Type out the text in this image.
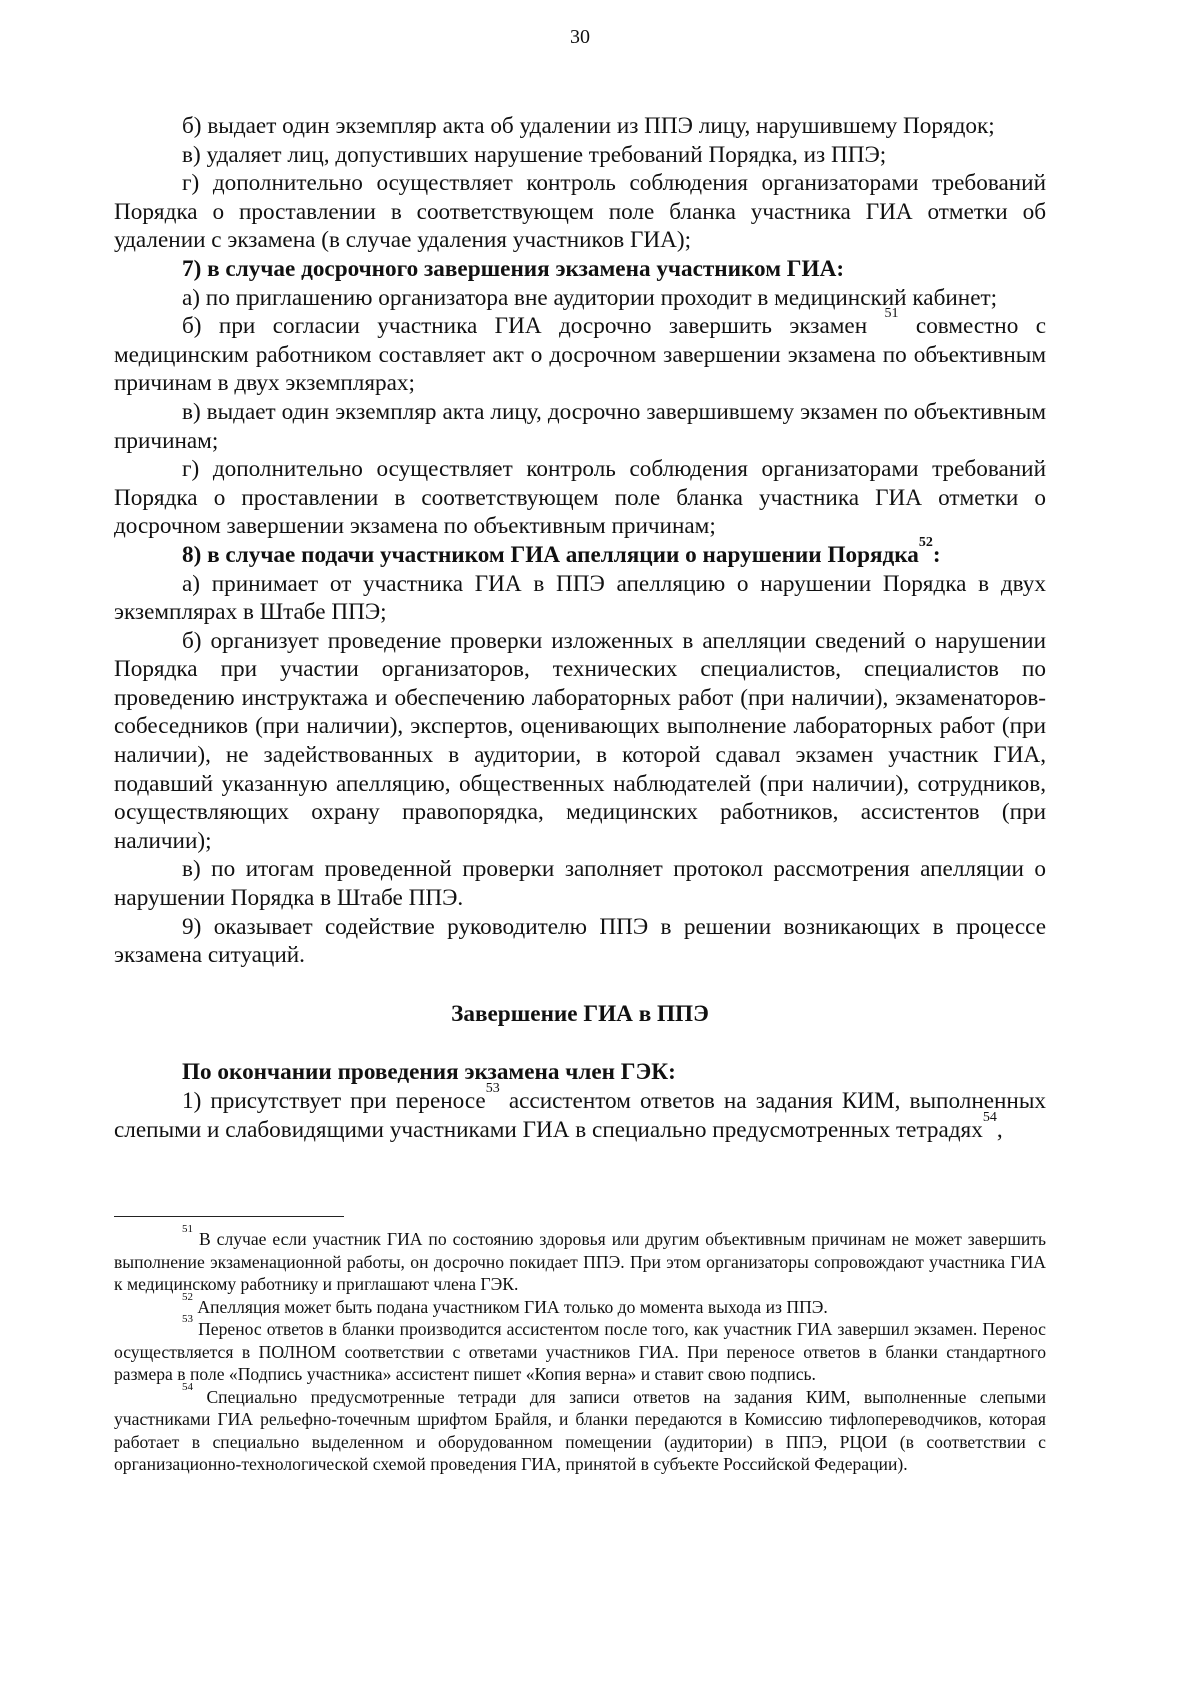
30

б) выдает один экземпляр акта об удалении из ППЭ лицу, нарушившему Порядок;

в) удаляет лиц, допустивших нарушение требований Порядка, из ППЭ;

г) дополнительно осуществляет контроль соблюдения организаторами требований Порядка о проставлении в соответствующем поле бланка участника ГИА отметки об удалении с экзамена (в случае удаления участников ГИА);

7) в случае досрочного завершения экзамена участником ГИА:

а) по приглашению организатора вне аудитории проходит в медицинский кабинет;

б) при согласии участника ГИА досрочно завершить экзамен $^{51}$ совместно с медицинским работником составляет акт о досрочном завершении экзамена по объективным причинам в двух экземплярах;

в) выдает один экземпляр акта лицу, досрочно завершившему экзамен по объективным причинам;

г) дополнительно осуществляет контроль соблюдения организаторами требований Порядка о проставлении в соответствующем поле бланка участника ГИА отметки о досрочном завершении экзамена по объективным причинам;

8) в случае подачи участником ГИА апелляции о нарушении Порядка$^{52}$:

а) принимает от участника ГИА в ППЭ апелляцию о нарушении Порядка в двух экземплярах в Штабе ППЭ;

б) организует проведение проверки изложенных в апелляции сведений о нарушении Порядка при участии организаторов, технических специалистов, специалистов по проведению инструктажа и обеспечению лабораторных работ (при наличии), экзаменаторов-собеседников (при наличии), экспертов, оценивающих выполнение лабораторных работ (при наличии), не задействованных в аудитории, в которой сдавал экзамен участник ГИА, подавший указанную апелляцию, общественных наблюдателей (при наличии), сотрудников, осуществляющих охрану правопорядка, медицинских работников, ассистентов (при наличии);

в) по итогам проведенной проверки заполняет протокол рассмотрения апелляции о нарушении Порядка в Штабе ППЭ.

9) оказывает содействие руководителю ППЭ в решении возникающих в процессе экзамена ситуаций.

Завершение ГИА в ППЭ

По окончании проведения экзамена член ГЭК:

1) присутствует при переносе$^{53}$ ассистентом ответов на задания КИМ, выполненных слепыми и слабовидящими участниками ГИА в специально предусмотренных тетрадях$^{54}$,

$^{51}$ В случае если участник ГИА по состоянию здоровья или другим объективным причинам не может завершить выполнение экзаменационной работы, он досрочно покидает ППЭ. При этом организаторы сопровождают участника ГИА к медицинскому работнику и приглашают члена ГЭК.

$^{52}$ Апелляция может быть подана участником ГИА только до момента выхода из ППЭ.

$^{53}$ Перенос ответов в бланки производится ассистентом после того, как участник ГИА завершил экзамен. Перенос осуществляется в ПОЛНОМ соответствии с ответами участников ГИА. При переносе ответов в бланки стандартного размера в поле «Подпись участника» ассистент пишет «Копия верна» и ставит свою подпись.

$^{54}$ Специально предусмотренные тетради для записи ответов на задания КИМ, выполненные слепыми участниками ГИА рельефно-точечным шрифтом Брайля, и бланки передаются в Комиссию тифлопереводчиков, которая работает в специально выделенном и оборудованном помещении (аудитории) в ППЭ, РЦОИ (в соответствии с организационно-технологической схемой проведения ГИА, принятой в субъекте Российской Федерации).
